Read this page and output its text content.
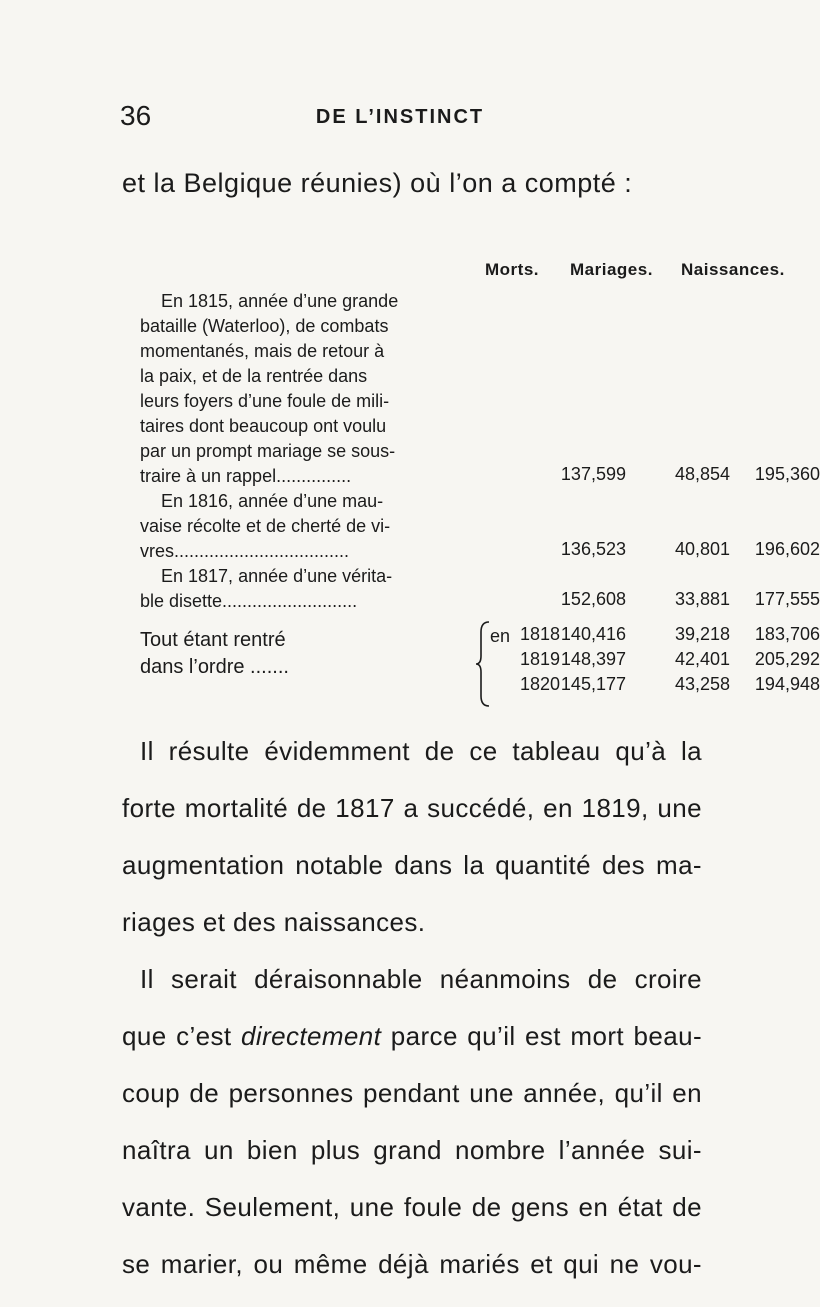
36	DE L’INSTINCT
et la Belgique réunies) où l’on a compté :
Morts. Mariages. Naissances.
En 1815, année d’une grande
bataille (Waterloo), de combats
momentanés, mais de retour à
la paix, et de la rentrée dans
leurs foyers d’une foule de mili-
taires dont beaucoup ont voulu
par un prompt mariage se sous-
traire à un rappel...............	137,599	48,854	195,360
En 1816, année d’une mau-
vaise récolte et de cherté de vi-
vres...................................	136,523	40,801	196,602
En 1817, année d’une vérita-
ble disette...........................	152,608	33,881	177,555
Tout étant rentré
dans l’ordre .......
en 1818 140,416	39,218	183,706
1819 148,397	42,401	205,292
1820 145,177	43,258	194,948
Il résulte évidemment de ce tableau qu’à la
forte mortalité de 1817 a succédé, en 1819, une
augmentation notable dans la quantité des ma-
riages et des naissances.
Il serait déraisonnable néanmoins de croire
que c’est directement parce qu’il est mort beau-
coup de personnes pendant une année, qu’il en
naîtra un bien plus grand nombre l’année sui-
vante. Seulement, une foule de gens en état de
se marier, ou même déjà mariés et qui ne vou-
